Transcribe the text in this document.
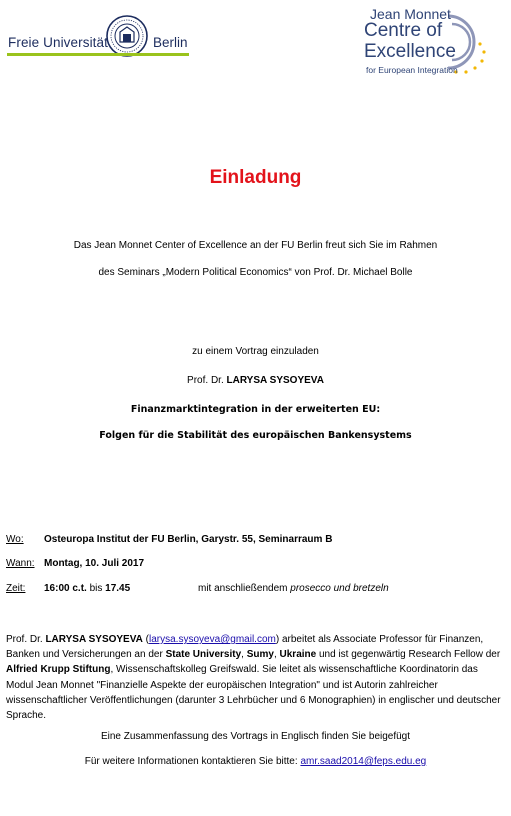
Freie Universität	Berlin
Jean Monnet
Centre of
Excellence
for European Integration
Einladung
Das Jean Monnet Center of Excellence an der FU Berlin freut sich Sie im Rahmen
des Seminars „Modern Political Economics“ von Prof. Dr. Michael Bolle
zu einem Vortrag einzuladen
Prof. Dr. LARYSA SYSOYEVA
Finanzmarktintegration in der erweiterten EU:
Folgen für die Stabilität des europäischen Bankensystems
Wo: Osteuropa Institut der FU Berlin, Garystr. 55, Seminarraum B
Wann: Montag, 10. Juli 2017
Zeit: 16:00 c.t. bis 17.45	mit anschließendem prosecco und bretzeln
Prof. Dr. LARYSA SYSOYEVA (larysa.sysoyeva@gmail.com) arbeitet als Associate Professor für Finanzen, Banken und Versicherungen an der State University, Sumy, Ukraine und ist gegenwärtig Research Fellow der Alfried Krupp Stiftung, Wissenschaftskolleg Greifswald. Sie leitet als wissenschaftliche Koordinatorin das Modul Jean Monnet "Finanzielle Aspekte der europäischen Integration" und ist Autorin zahlreicher wissenschaftlicher Veröffentlichungen (darunter 3 Lehrbücher und 6 Monographien) in englischer und deutscher Sprache.
Eine Zusammenfassung des Vortrags in Englisch finden Sie beigefügt
Für weitere Informationen kontaktieren Sie bitte: amr.saad2014@feps.edu.eg
